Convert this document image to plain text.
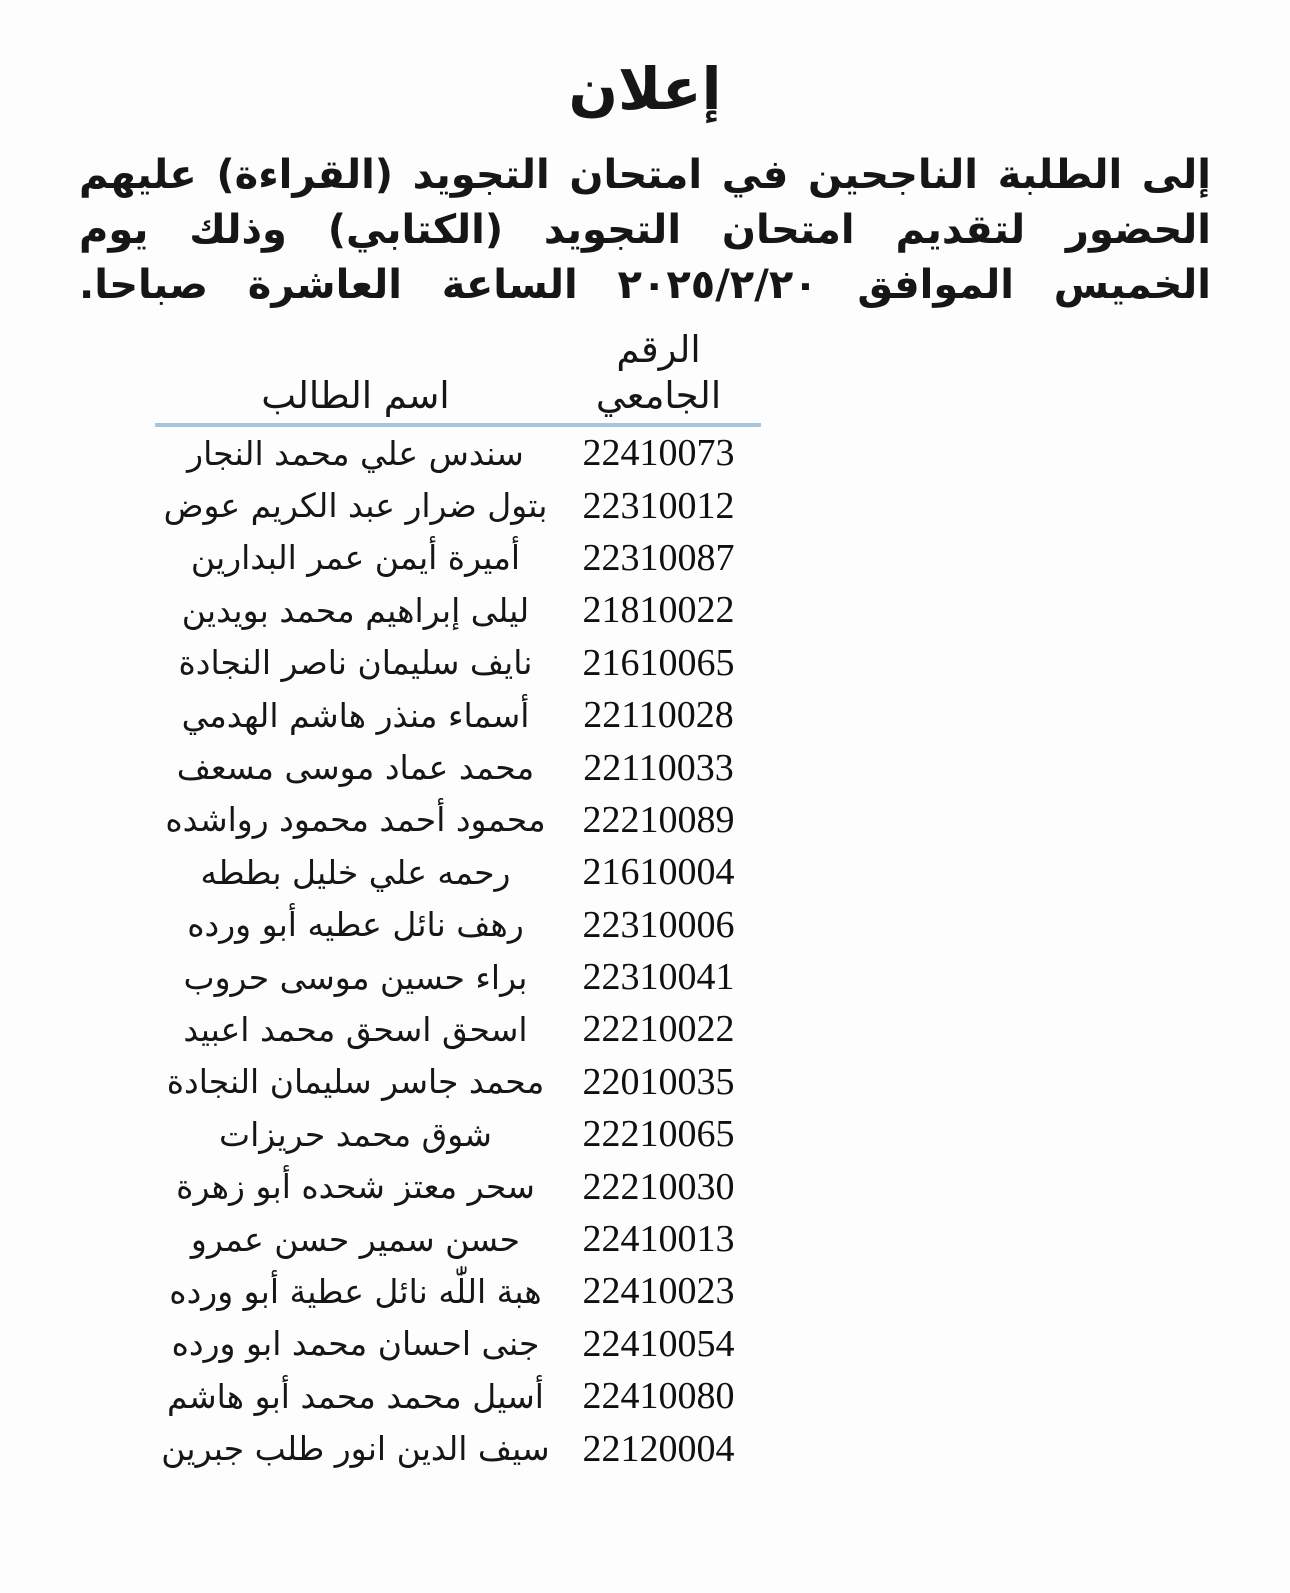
إعلان
إلى الطلبة الناجحين في امتحان التجويد (القراءة) عليهم
الحضور لتقديم امتحان التجويد (الكتابي) وذلك يوم
الخميس الموافق ٢٠٢٥/٢/٢٠ الساعة العاشرة صباحا.
الرقم الجامعي
اسم الطالب
22410073
سندس علي محمد النجار
22310012
بتول ضرار عبد الكريم عوض
22310087
أميرة أيمن عمر البدارين
21810022
ليلى إبراهيم محمد بويدين
21610065
نايف سليمان ناصر النجادة
22110028
أسماء منذر هاشم الهدمي
22110033
محمد عماد موسى مسعف
22210089
محمود أحمد محمود رواشده
21610004
رحمه علي خليل بططه
22310006
رهف نائل عطيه أبو ورده
22310041
براء حسين موسى حروب
22210022
اسحق اسحق محمد اعبيد
22010035
محمد جاسر سليمان النجادة
22210065
شوق محمد حريزات
22210030
سحر معتز شحده أبو زهرة
22410013
حسن سمير حسن عمرو
22410023
هبة اللّٰه نائل عطية أبو ورده
22410054
جنى احسان محمد ابو ورده
22410080
أسيل محمد محمد أبو هاشم
22120004
سيف الدين انور طلب جبرين
